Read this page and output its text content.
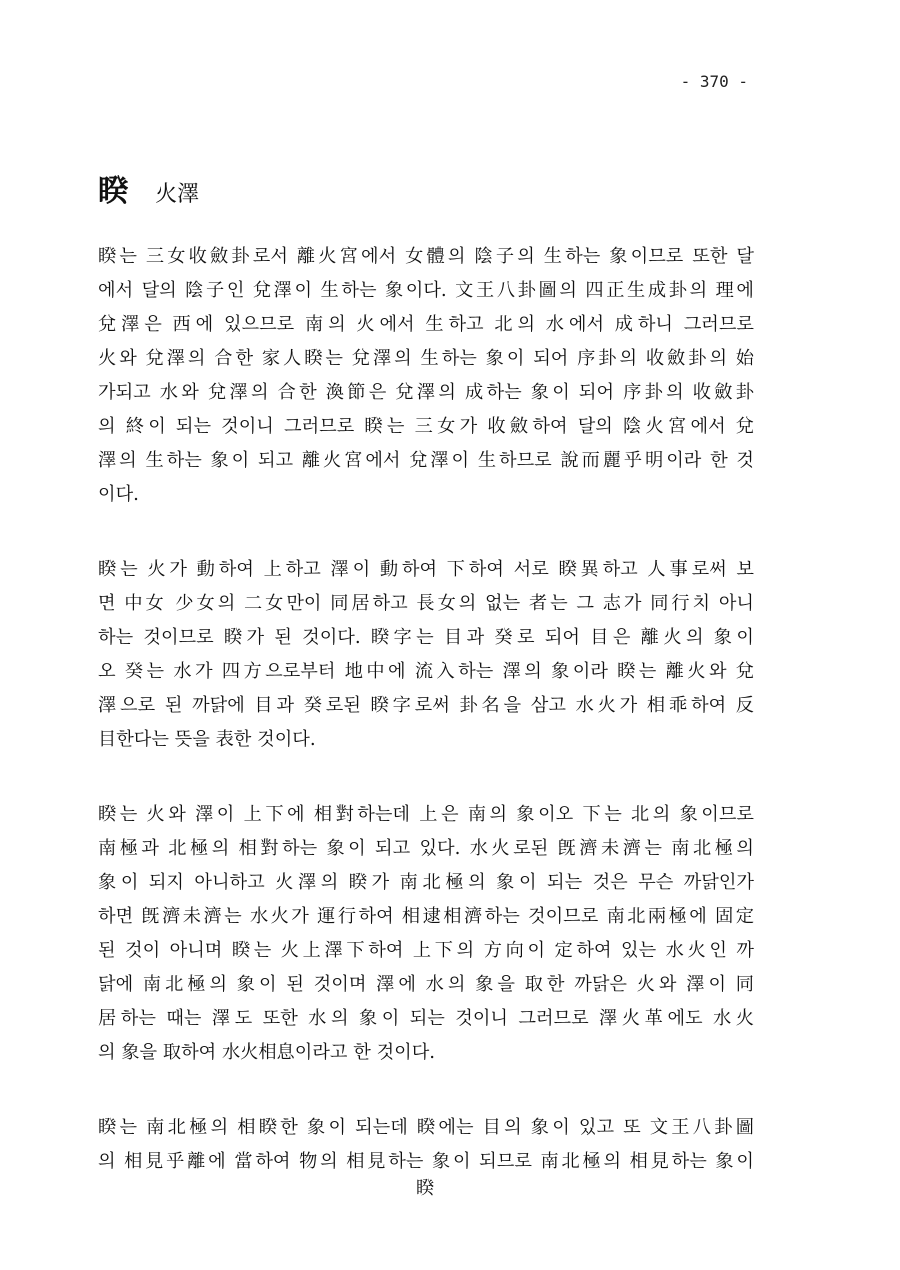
- 370 -
睽 火澤
睽는 三女收斂卦로서 離火宮에서 女體의 陰子의 生하는 象이므로 또한 달
에서 달의 陰子인 兌澤이 生하는 象이다. 文王八卦圖의 四正生成卦의 理에
兌澤은 西에 있으므로 南의 火에서 生하고 北의 水에서 成하니 그러므로
火와 兌澤의 合한 家人睽는 兌澤의 生하는 象이 되어 序卦의 收斂卦의 始
가되고 水와 兌澤의 合한 渙節은 兌澤의 成하는 象이 되어 序卦의 收斂卦
의 終이 되는 것이니 그러므로 睽는 三女가 收斂하여 달의 陰火宮에서 兌
澤의 生하는 象이 되고 離火宮에서 兌澤이 生하므로 說而麗乎明이라 한 것
이다.
睽는 火가 動하여 上하고 澤이 動하여 下하여 서로 睽異하고 人事로써 보
면 中女 少女의 二女만이 同居하고 長女의 없는 者는 그 志가 同行치 아니
하는 것이므로 睽가 된 것이다. 睽字는 目과 癸로 되어 目은 離火의 象이
오 癸는 水가 四方으로부터 地中에 流入하는 澤의 象이라 睽는 離火와 兌
澤으로 된 까닭에 目과 癸로된 睽字로써 卦名을 삼고 水火가 相乖하여 反
目한다는 뜻을 表한 것이다.
睽는 火와 澤이 上下에 相對하는데 上은 南의 象이오 下는 北의 象이므로
南極과 北極의 相對하는 象이 되고 있다. 水火로된 旣濟未濟는 南北極의
象이 되지 아니하고 火澤의 睽가 南北極의 象이 되는 것은 무슨 까닭인가
하면 旣濟未濟는 水火가 運行하여 相逮相濟하는 것이므로 南北兩極에 固定
된 것이 아니며 睽는 火上澤下하여 上下의 方向이 定하여 있는 水火인 까
닭에 南北極의 象이 된 것이며 澤에 水의 象을 取한 까닭은 火와 澤이 同
居하는 때는 澤도 또한 水의 象이 되는 것이니 그러므로 澤火革에도 水火
의 象을 取하여 水火相息이라고 한 것이다.
睽는 南北極의 相睽한 象이 되는데 睽에는 目의 象이 있고 또 文王八卦圖
의 相見乎離에 當하여 物의 相見하는 象이 되므로 南北極의 相見하는 象이
睽
